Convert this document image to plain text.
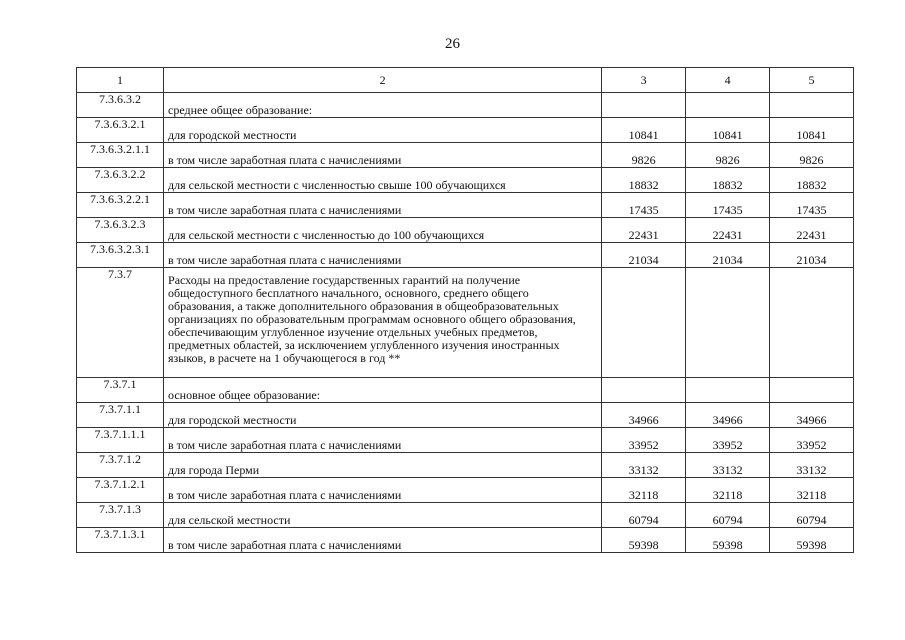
26
1	2	3	4	5
7.3.6.3.2	среднее общее образование:			
7.3.6.3.2.1	для городской местности	10841	10841	10841
7.3.6.3.2.1.1	в том числе заработная плата с начислениями	9826	9826	9826
7.3.6.3.2.2	для сельской местности с численностью свыше 100 обучающихся	18832	18832	18832
7.3.6.3.2.2.1	в том числе заработная плата с начислениями	17435	17435	17435
7.3.6.3.2.3	для сельской местности с численностью до 100 обучающихся	22431	22431	22431
7.3.6.3.2.3.1	в том числе заработная плата с начислениями	21034	21034	21034
7.3.7	Расходы на предоставление государственных гарантий на получение общедоступного бесплатного начального, основного, среднего общего образования, а также дополнительного образования в общеобразовательных организациях по образовательным программам основного общего образования, обеспечивающим углубленное изучение отдельных учебных предметов, предметных областей, за исключением углубленного изучения иностранных языков, в расчете на 1 обучающегося в год **			
7.3.7.1	основное общее образование:			
7.3.7.1.1	для городской местности	34966	34966	34966
7.3.7.1.1.1	в том числе заработная плата с начислениями	33952	33952	33952
7.3.7.1.2	для города Перми	33132	33132	33132
7.3.7.1.2.1	в том числе заработная плата с начислениями	32118	32118	32118
7.3.7.1.3	для сельской местности	60794	60794	60794
7.3.7.1.3.1	в том числе заработная плата с начислениями	59398	59398	59398
